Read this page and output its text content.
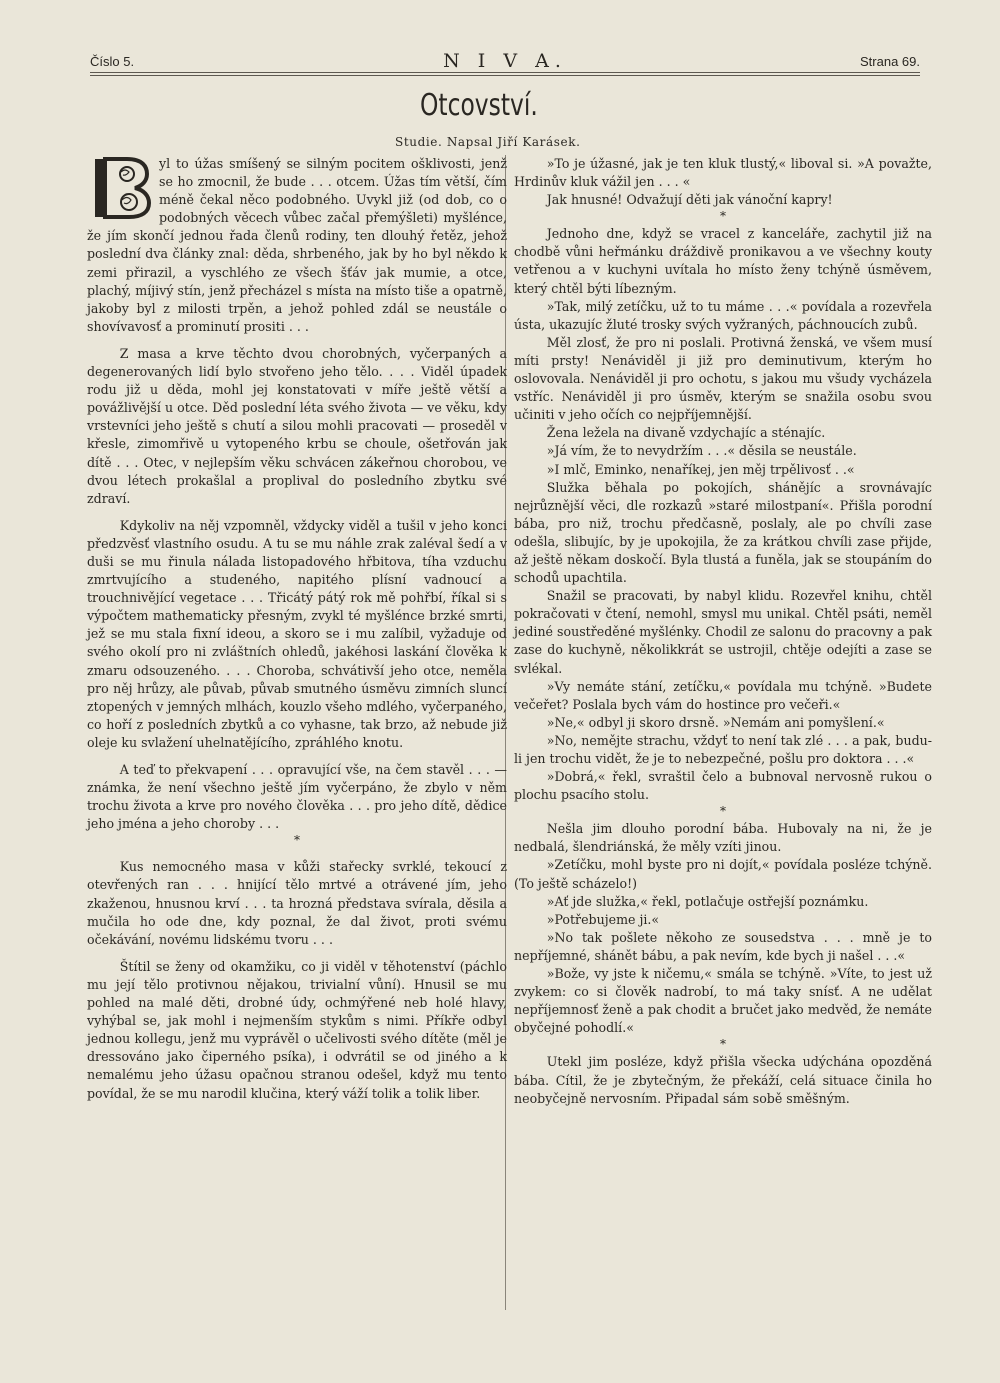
Číslo 5.	N I V A.	Strana 69.
Otcovství.
Studie. Napsal Jiří Karásek.

yl to úžas smíšený se silným pocitem ošklivosti, jenž se ho zmocnil, že bude . . . otcem. Úžas tím větší, čím méně čekal něco podobného. Uvykl již (od dob, co o podobných věcech vůbec začal přemýšleti) myšlénce, že jím skončí jednou řada členů rodiny, ten dlouhý řetěz, jehož poslední dva články znal: děda, shrbeného, jak by ho byl někdo k zemi přirazil, a vyschlého ze všech šťáv jak mumie, a otce, plachý, míjivý stín, jenž přecházel s místa na místo tiše a opatrně, jakoby byl z milosti trpěn, a jehož pohled zdál se neustále o shovívavosť a prominutí prositi . . .

Z masa a krve těchto dvou chorobných, vyčerpaných a degenerovaných lidí bylo stvořeno jeho tělo. . . . Viděl úpadek rodu již u děda, mohl jej konstatovati v míře ještě větší a povážlivější u otce. Děd poslední léta svého života — ve věku, kdy vrstevníci jeho ještě s chutí a silou mohli pracovati — proseděl v křesle, zimomřivě u vytopeného krbu se choule, ošetřován jak dítě . . . Otec, v nejlepším věku schvácen zákeřnou chorobou, ve dvou létech prokašlal a proplival do posledního zbytku své zdraví.

Kdykoliv na něj vzpomněl, vždycky viděl a tušil v jeho konci předzvěsť vlastního osudu. A tu se mu náhle zrak zaléval šedí a v duši se mu řinula nálada listopadového hřbitova, tíha vzduchu zmrtvujícího a studeného, napitého plísní vadnoucí a trouchnivějící vegetace . . . Třicátý pátý rok mě pohřbí, říkal si s výpočtem mathematicky přesným, zvykl té myšlénce brzké smrti, jež se mu stala fixní ideou, a skoro se i mu zalíbil, vyžaduje od svého okolí pro ni zvláštních ohledů, jakéhosi laskání člověka k zmaru odsouzeného. . . . Choroba, schvátivší jeho otce, neměla pro něj hrůzy, ale půvab, půvab smutného úsměvu zimních sluncí ztopených v jemných mlhách, kouzlo všeho mdlého, vyčerpaného, co hoří z posledních zbytků a co vyhasne, tak brzo, až nebude již oleje ku svlažení uhelnatějícího, zpráhlého knotu.

A teď to překvapení . . . opravující vše, na čem stavěl . . . — známka, že není všechno ještě jím vyčerpáno, že zbylo v něm trochu života a krve pro nového člověka . . . pro jeho dítě, dědice jeho jména a jeho choroby . . .

*

Kus nemocného masa v kůži stařecky svrklé, tekoucí z otevřených ran . . . hnijící tělo mrtvé a otrávené jím, jeho zkaženou, hnusnou krví . . . ta hrozná představa svírala, děsila a mučila ho ode dne, kdy poznal, že dal život, proti svému očekávání, novému lidskému tvoru . . .

Štítil se ženy od okamžiku, co ji viděl v těhotenství (páchlo mu její tělo protivnou nějakou, trivialní vůní). Hnusil se mu pohled na malé děti, drobné údy, ochmýřené neb holé hlavy, vyhýbal se, jak mohl i nejmenším stykům s nimi. Příkře odbyl jednou kollegu, jenž mu vyprávěl o učelivosti svého dítěte (měl je dressováno jako čiperného psíka), i odvrátil se od jiného a k nemalému jeho úžasu opačnou stranou odešel, když mu tento povídal, že se mu narodil klučina, který váží tolik a tolik liber.

»To je úžasné, jak je ten kluk tlustý,« liboval si. »A považte, Hrdinův kluk vážil jen . . . «

Jak hnusné! Odvažují děti jak vánoční kapry!

*

Jednoho dne, když se vracel z kanceláře, zachytil již na chodbě vůni heřmánku dráždivě pronikavou a ve všechny kouty vetřenou a v kuchyni uvítala ho místo ženy tchýně úsměvem, který chtěl býti líbezným.

»Tak, milý zetíčku, už to tu máme . . .« povídala a rozevřela ústa, ukazujíc žluté trosky svých vyžraných, páchnoucích zubů.

Měl zlosť, že pro ni poslali. Protivná ženská, ve všem musí míti prsty! Nenáviděl ji již pro deminutivum, kterým ho oslovovala. Nenáviděl ji pro ochotu, s jakou mu všudy vycházela vstříc. Nenáviděl ji pro úsměv, kterým se snažila osobu svou učiniti v jeho očích co nejpříjemnější.

Žena ležela na divaně vzdychajíc a sténajíc.

»Já vím, že to nevydržím . . .« děsila se neustále.

»I mlč, Eminko, nenaříkej, jen měj trpělivosť . .«

Služka běhala po pokojích, shánějíc a srovnávajíc nejrůznější věci, dle rozkazů »staré milostpaní«. Přišla porodní bába, pro niž, trochu předčasně, poslaly, ale po chvíli zase odešla, slibujíc, by je upokojila, že za krátkou chvíli zase přijde, až ještě někam doskočí. Byla tlustá a funěla, jak se stoupáním do schodů upachtila.

Snažil se pracovati, by nabyl klidu. Rozevřel knihu, chtěl pokračovati v čtení, nemohl, smysl mu unikal. Chtěl psáti, neměl jediné soustředěné myšlénky. Chodil ze salonu do pracovny a pak zase do kuchyně, několikkrát se ustrojil, chtěje odejíti a zase se svlékal.

»Vy nemáte stání, zetíčku,« povídala mu tchýně. »Budete večeřet? Poslala bych vám do hostince pro večeři.«

»Ne,« odbyl ji skoro drsně. »Nemám ani pomyšlení.«

»No, nemějte strachu, vždyť to není tak zlé . . . a pak, budu-li jen trochu vidět, že je to nebezpečné, pošlu pro doktora . . .«

»Dobrá,« řekl, svraštil čelo a bubnoval nervosně rukou o plochu psacího stolu.

*

Nešla jim dlouho porodní bába. Hubovaly na ni, že je nedbalá, šlendriánská, že měly vzíti jinou.

»Zetíčku, mohl byste pro ni dojít,« povídala posléze tchýně. (To ještě scházelo!)

»Ať jde služka,« řekl, potlačuje ostřejší poznámku.

»Potřebujeme ji.«

»No tak pošlete někoho ze sousedstva . . . mně je to nepříjemné, shánět bábu, a pak nevím, kde bych ji našel . . .«

»Bože, vy jste k ničemu,« smála se tchýně. »Víte, to jest už zvykem: co si člověk nadrobí, to má taky snísť. A ne udělat nepříjemnosť ženě a pak chodit a bručet jako medvěd, že nemáte obyčejné pohodlí.«

*

Utekl jim posléze, když přišla všecka udýchána opozděná bába. Cítil, že je zbytečným, že překáží, celá situace činila ho neobyčejně nervosním. Připadal sám sobě směšným.
